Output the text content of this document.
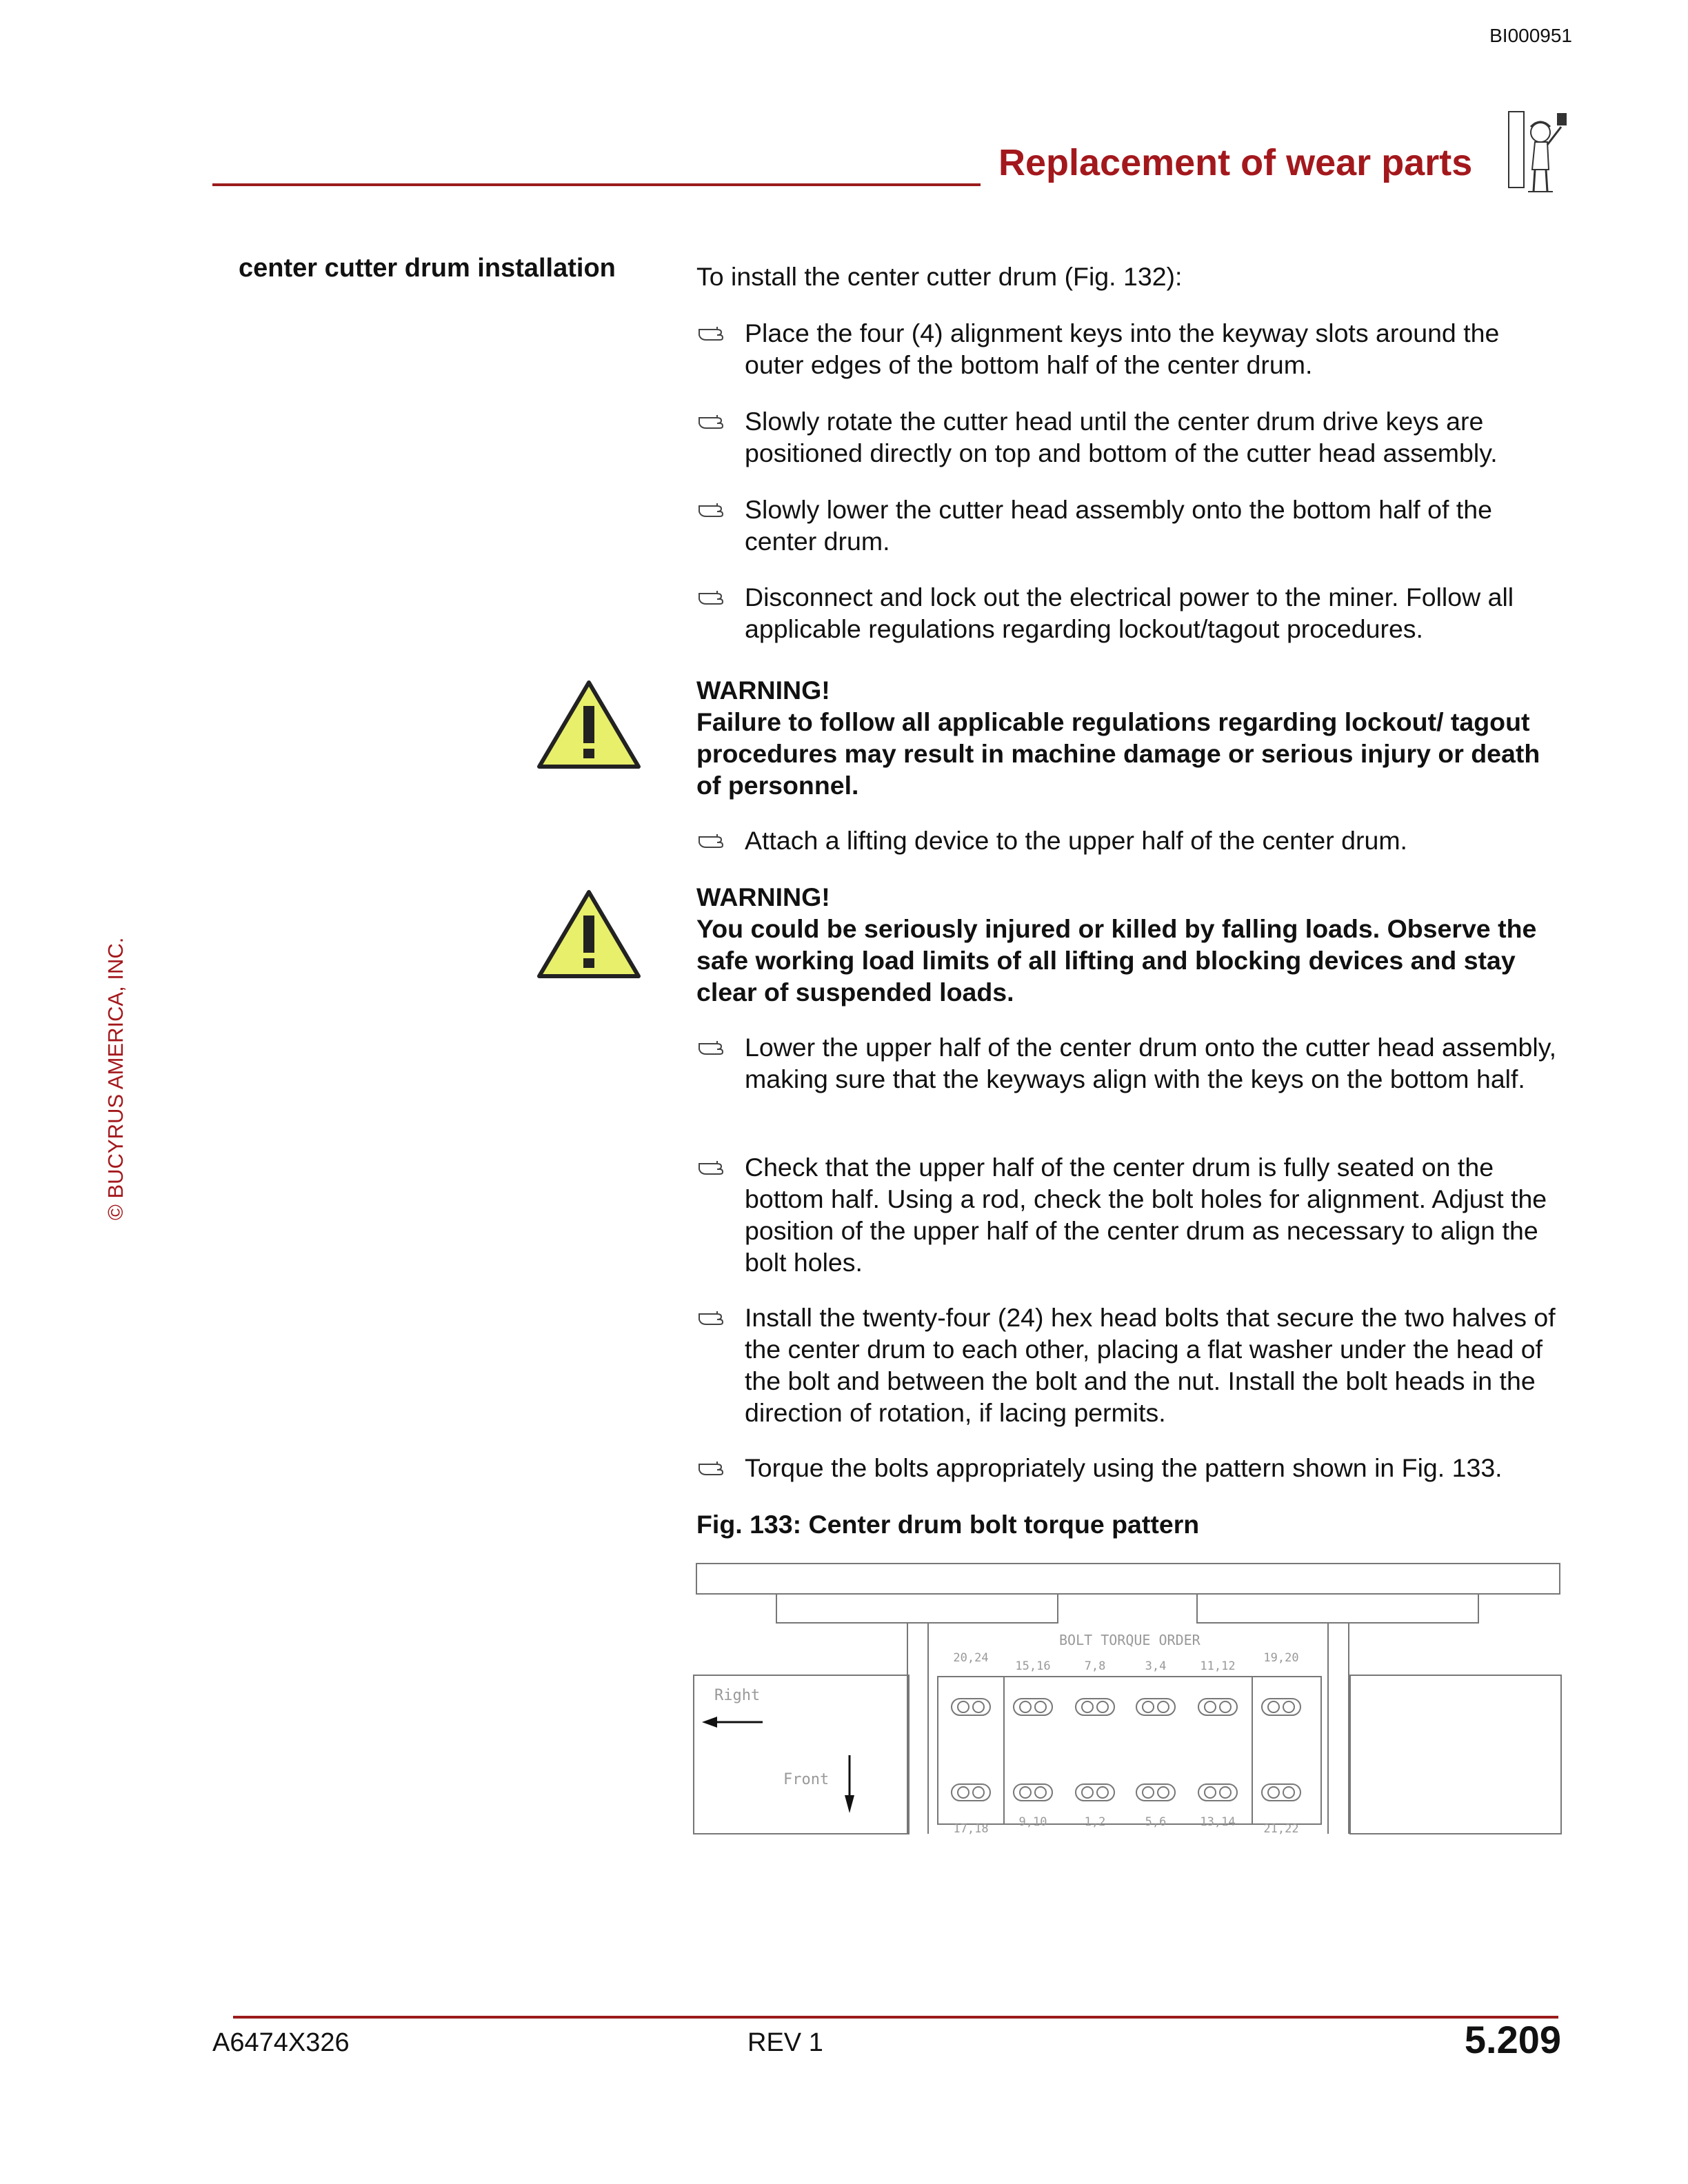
BI000951
Replacement of wear parts
© BUCYRUS AMERICA, INC.
center cutter drum installation	To install the center cutter drum (Fig. 132):
Place the four (4) alignment keys into the keyway slots around the outer edges of the bottom half of the center drum.
Slowly rotate the cutter head until the center drum drive keys are positioned directly on top and bottom of the cutter head assembly.
Slowly lower the cutter head assembly onto the bottom half of the center drum.
Disconnect and lock out the electrical power to the miner. Follow all applicable regulations regarding lockout/tagout procedures.
WARNING!
Failure to follow all applicable regulations regarding lockout/ tagout procedures may result in machine damage or serious injury or death of personnel.
Attach a lifting device to the upper half of the center drum.
WARNING!
You could be seriously injured or killed by falling loads. Observe the safe working load limits of all lifting and blocking devices and stay clear of suspended loads.
Lower the upper half of the center drum onto the cutter head assembly, making sure that the keyways align with the keys on the bottom half.
Check that the upper half of the center drum is fully seated on the bottom half. Using a rod, check the bolt holes for alignment. Adjust the position of the upper half of the center drum as necessary to align the bolt holes.
Install the twenty-four (24) hex head bolts that secure the two halves of the center drum to each other, placing a flat washer under the head of the bolt and between the bolt and the nut. Install the bolt heads in the direction of rotation, if lacing permits.
Torque the bolts appropriately using the pattern shown in Fig. 133.
Fig. 133: Center drum bolt torque pattern
BOLT TORQUE ORDER
Right
Front
20,24
17,18
15,16
9,10
7,8
1,2
3,4
5,6
11,12
13,14
19,20
21,22
A6474X326	REV 1	5.209
